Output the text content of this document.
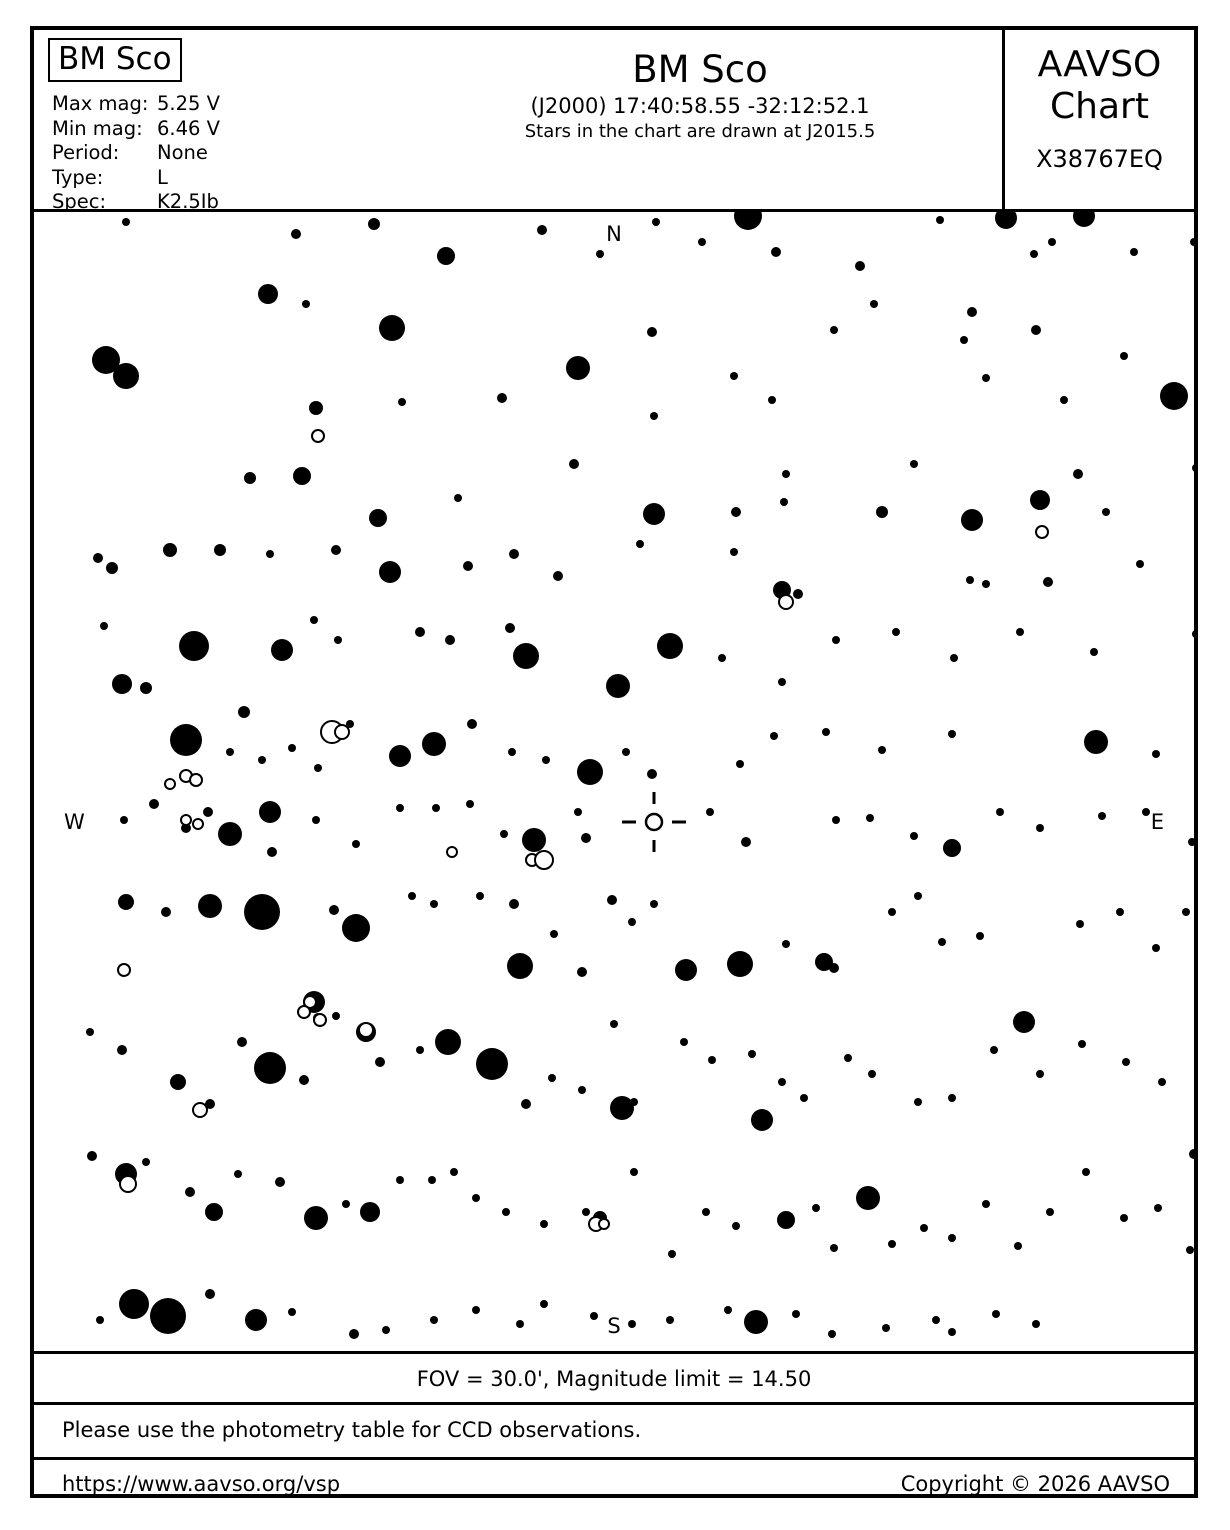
BM Sco
Max mag: 5.25 V
Min mag: 6.46 V
Period: None
Type:	L
Spec:	K2.5Ib
BM Sco
(J2000) 17:40:58.55 -32:12:52.1
Stars in the chart are drawn at J2015.5
AAVSO
Chart
X38767EQ
N
S
W	E
FOV = 30.0', Magnitude limit = 14.50
Please use the photometry table for CCD observations.
https://www.aavso.org/vsp	Copyright © 2026 AAVSO
